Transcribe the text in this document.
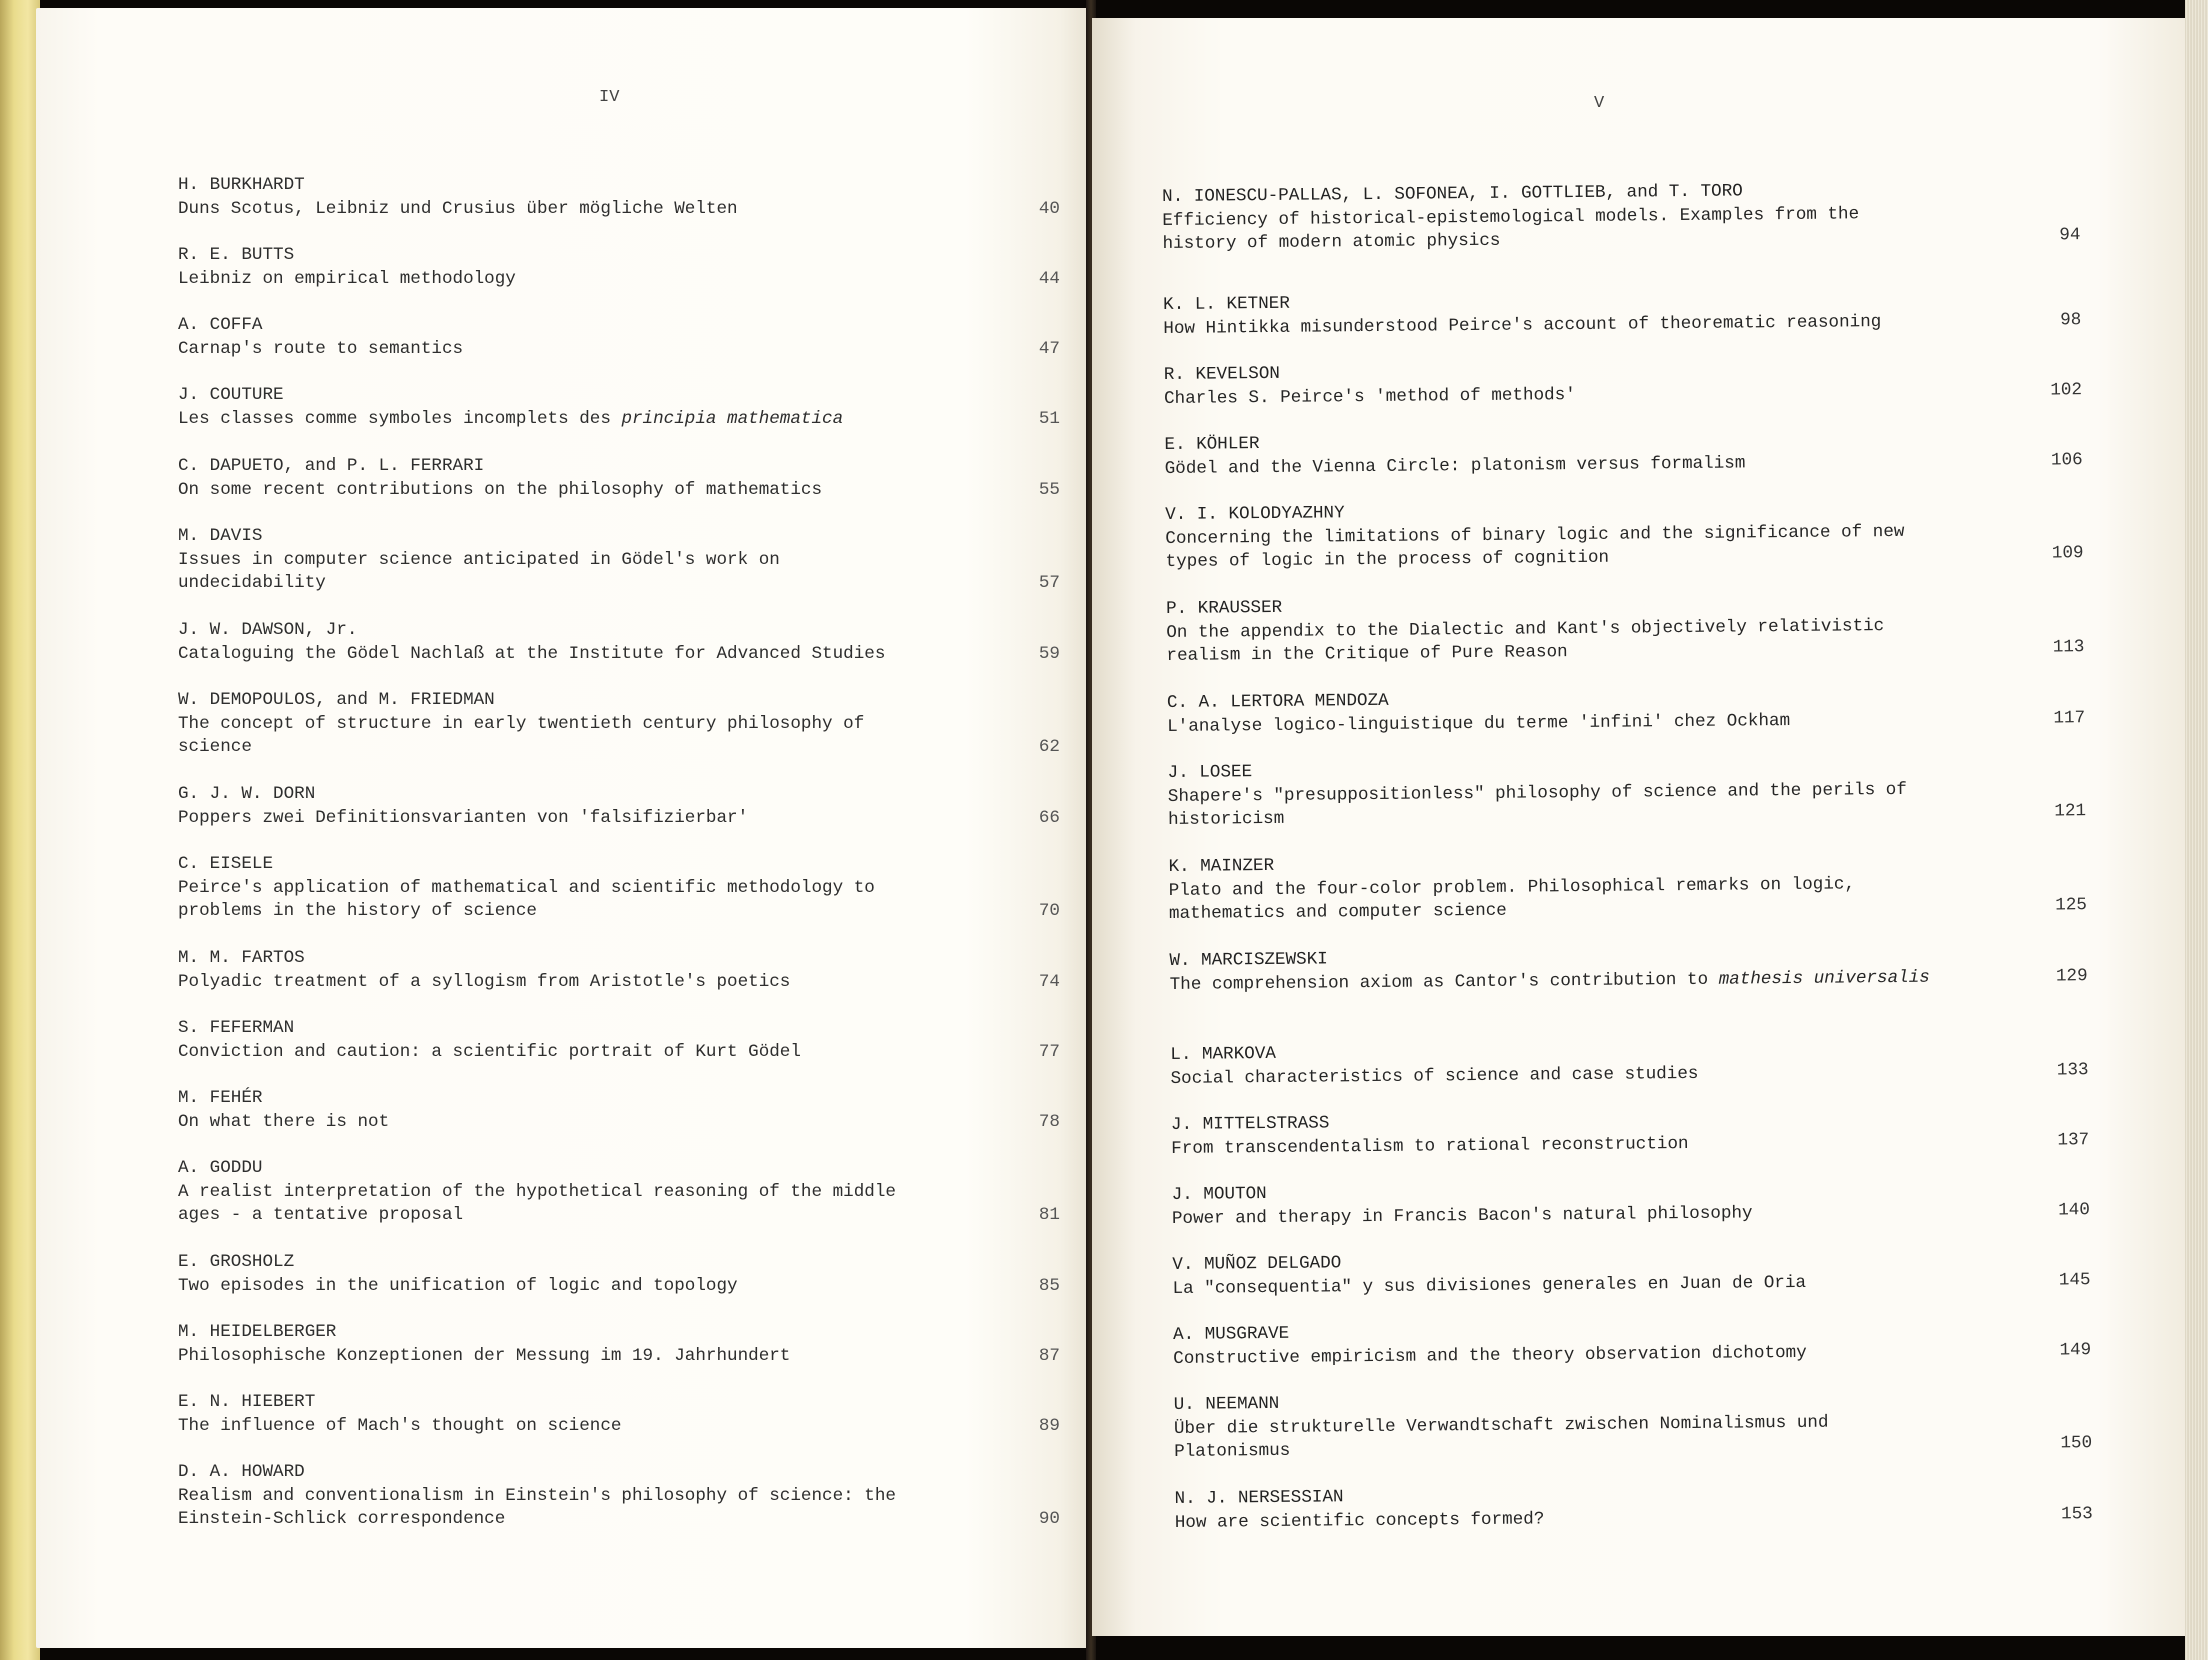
IV	V
H. BURKHARDT
Duns Scotus, Leibniz und Crusius über mögliche Welten	40
R. E. BUTTS
Leibniz on empirical methodology	44
A. COFFA
Carnap's route to semantics	47
J. COUTURE
Les classes comme symboles incomplets des principia mathematica	51
C. DAPUETO, and P. L. FERRARI
On some recent contributions on the philosophy of mathematics	55
M. DAVIS
Issues in computer science anticipated in Gödel's work on undecidability	57
J. W. DAWSON, Jr.
Cataloguing the Gödel Nachlaß at the Institute for Advanced Studies	59
W. DEMOPOULOS, and M. FRIEDMAN
The concept of structure in early twentieth century philosophy of science	62
G. J. W. DORN
Poppers zwei Definitionsvarianten von 'falsifizierbar'	66
C. EISELE
Peirce's application of mathematical and scientific methodology to problems in the history of science	70
M. M. FARTOS
Polyadic treatment of a syllogism from Aristotle's poetics	74
S. FEFERMAN
Conviction and caution: a scientific portrait of Kurt Gödel	77
M. FEHÉR
On what there is not	78
A. GODDU
A realist interpretation of the hypothetical reasoning of the middle ages - a tentative proposal	81
E. GROSHOLZ
Two episodes in the unification of logic and topology	85
M. HEIDELBERGER
Philosophische Konzeptionen der Messung im 19. Jahrhundert	87
E. N. HIEBERT
The influence of Mach's thought on science	89
D. A. HOWARD
Realism and conventionalism in Einstein's philosophy of science: the Einstein-Schlick correspondence	90
N. IONESCU-PALLAS, L. SOFONEA, I. GOTTLIEB, and T. TORO
Efficiency of historical-epistemological models. Examples from the history of modern atomic physics	94
K. L. KETNER
How Hintikka misunderstood Peirce's account of theorematic reasoning	98
R. KEVELSON
Charles S. Peirce's 'method of methods'	102
E. KÖHLER
Gödel and the Vienna Circle: platonism versus formalism	106
V. I. KOLODYAZHNY
Concerning the limitations of binary logic and the significance of new types of logic in the process of cognition	109
P. KRAUSSER
On the appendix to the Dialectic and Kant's objectively relativistic realism in the Critique of Pure Reason	113
C. A. LERTORA MENDOZA
L'analyse logico-linguistique du terme 'infini' chez Ockham	117
J. LOSEE
Shapere's "presuppositionless" philosophy of science and the perils of historicism	121
K. MAINZER
Plato and the four-color problem. Philosophical remarks on logic, mathematics and computer science	125
W. MARCISZEWSKI
The comprehension axiom as Cantor's contribution to mathesis universalis	129
L. MARKOVA
Social characteristics of science and case studies	133
J. MITTELSTRASS
From transcendentalism to rational reconstruction	137
J. MOUTON
Power and therapy in Francis Bacon's natural philosophy	140
V. MUÑOZ DELGADO
La "consequentia" y sus divisiones generales en Juan de Oria	145
A. MUSGRAVE
Constructive empiricism and the theory observation dichotomy	149
U. NEEMANN
Über die strukturelle Verwandtschaft zwischen Nominalismus und Platonismus	150
N. J. NERSESSIAN
How are scientific concepts formed?	153
